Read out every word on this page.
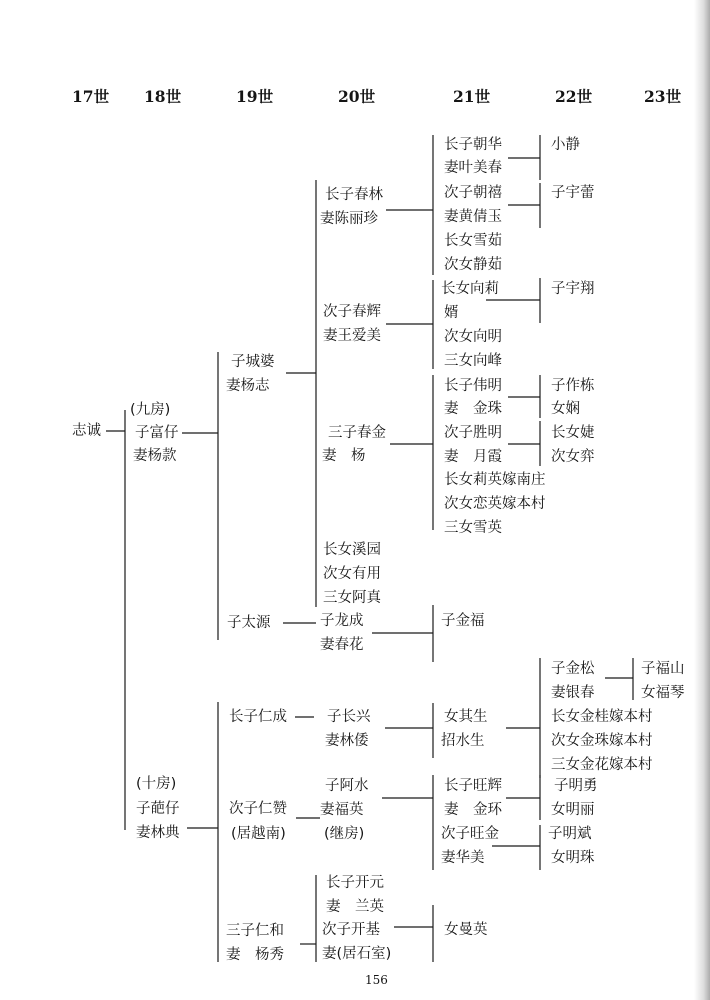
17世 18世	19世	20世	21世	22世	23世
志诚
(九房)
子富仔
妻杨款
(十房)
子葩仔
妻林典
子城婆
妻杨志
子太源
长子仁成
次子仁赞
(居越南)
三子仁和
妻　杨秀
长子春林
妻陈丽珍
次子春辉
妻王爱美
三子春金
妻　杨
长女溪园
次女有用
三女阿真
子龙成
妻春花
子长兴
妻林倭
子阿水
妻福英
(继房)
长子开元
妻　兰英
次子开基
妻(居石室)
长子朝华
妻叶美春
次子朝禧
妻黄倩玉
长女雪茹
次女静茹
长女向莉
婿
次女向明
三女向峰
长子伟明
妻　金珠
次子胜明
妻　月霞
长女莉英嫁南庄
次女恋英嫁本村
三女雪英
子金福
女其生
招水生
长子旺辉
妻　金环
次子旺金
妻华美
女曼英
小静
子宇蕾
子宇翔
子作栋
女娴
长女婕
次女弈
子金松
妻银春
长女金桂嫁本村
次女金珠嫁本村
三女金花嫁本村
子明勇
女明丽
子明斌
女明珠
子福山
女福琴
156
